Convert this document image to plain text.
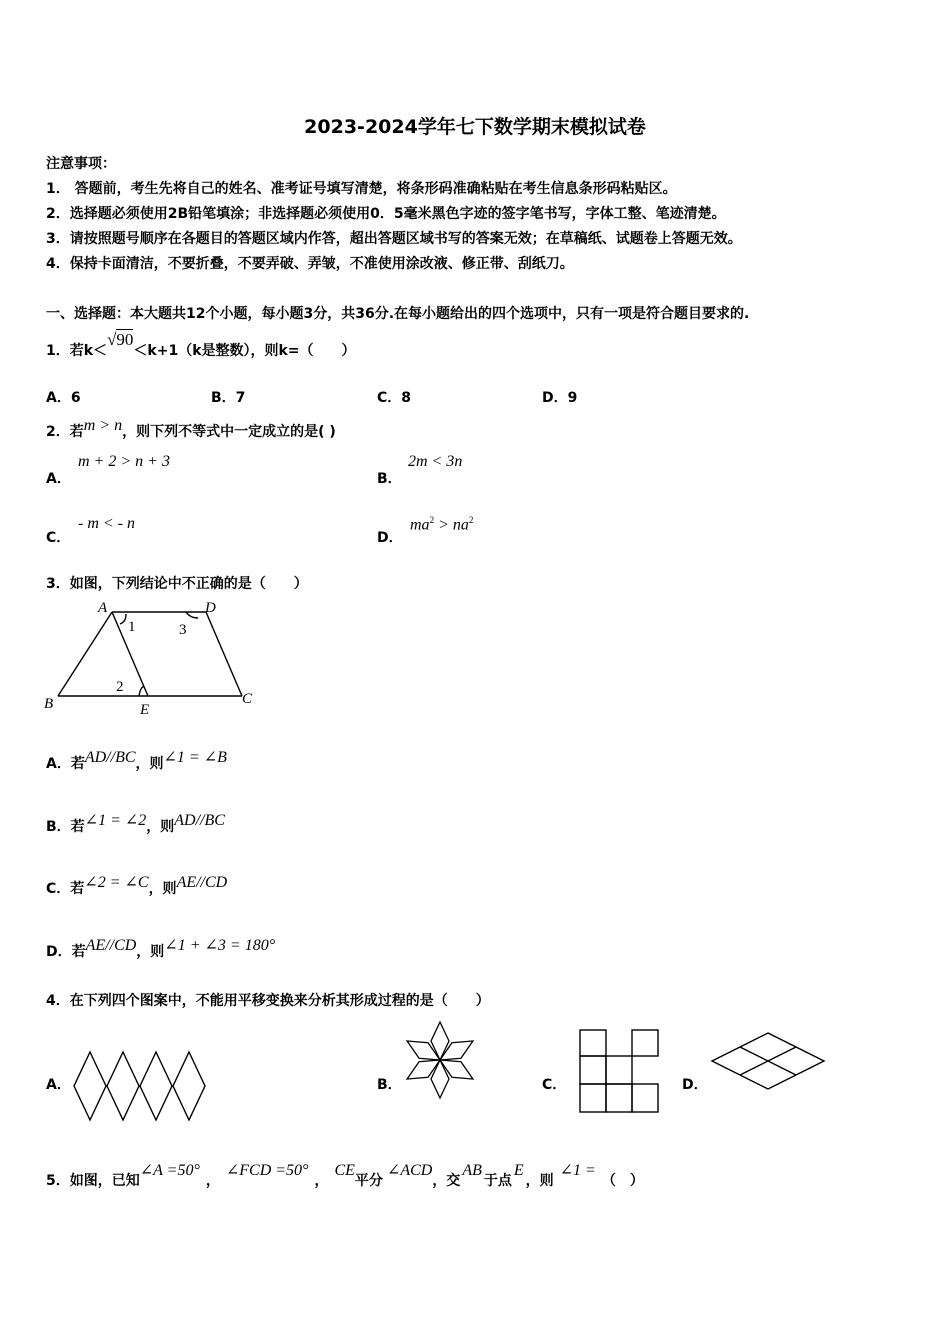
2023-2024学年七下数学期末模拟试卷
注意事项：
1． 答题前，考生先将自己的姓名、准考证号填写清楚，将条形码准确粘贴在考生信息条形码粘贴区。
2．选择题必须使用2B铅笔填涂；非选择题必须使用0．5毫米黑色字迹的签字笔书写，字体工整、笔迹清楚。
3．请按照题号顺序在各题目的答题区域内作答，超出答题区域书写的答案无效；在草稿纸、试题卷上答题无效。
4．保持卡面清洁，不要折叠，不要弄破、弄皱，不准使用涂改液、修正带、刮纸刀。
一、选择题：本大题共12个小题，每小题3分，共36分.在每小题给出的四个选项中，只有一项是符合题目要求的.
1．若k＜√90＜k+1（k是整数），则k=（　　）
A．6	B．7	C．8	D．9
2．若m > n，则下列不等式中一定成立的是( )
A．
m + 2 > n + 3
B．
2m < 3n
C．
- m < - n
D．
$ma^2 > na^2$
3．如图，下列结论中不正确的是（　　）
A	D
B	C
E
1
2
3
A．若AD//BC，则∠1 = ∠B
B．若∠1 = ∠2，则AD//BC
C．若∠2 = ∠C，则AE//CD
D．若AE//CD，则∠1 + ∠3 = 180°
4．在下列四个图案中，不能用平移变换来分析其形成过程的是（　　）
A．	B．	C．	D．
5．如图，已知∠A =50°，∠FCD =50°，CE平分∠ACD，交AB于点E，则∠1 =（　）
